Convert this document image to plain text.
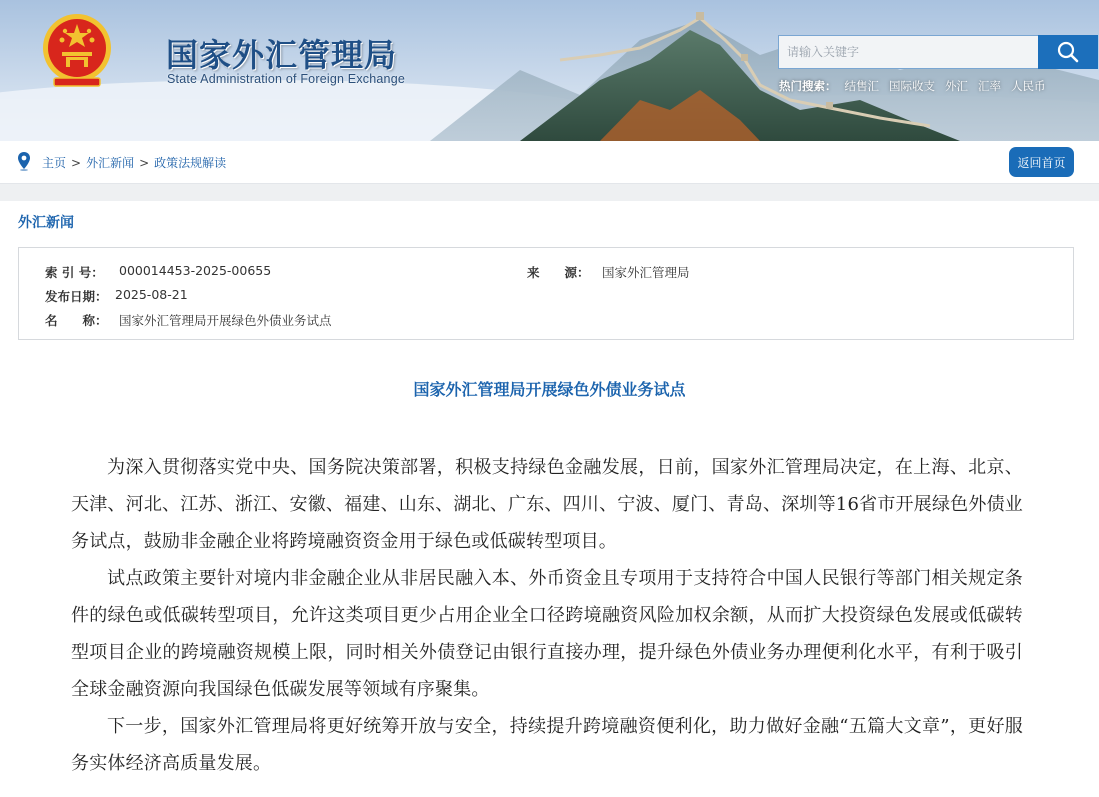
国家外汇管理局
State Administration of Foreign Exchange
请输入关键字	热门搜索： 结售汇 国际收支 外汇 汇率 人民币
主页 > 外汇新闻 > 政策法规解读	返回首页
外汇新闻
索 引 号： 000014453-2025-00655	来　　源： 国家外汇管理局
发布日期： 2025-08-21
名　　称： 国家外汇管理局开展绿色外债业务试点
国家外汇管理局开展绿色外债业务试点

为深入贯彻落实党中央、国务院决策部署，积极支持绿色金融发展，日前，国家外汇管理局决定，在上海、北京、天津、河北、江苏、浙江、安徽、福建、山东、湖北、广东、四川、宁波、厦门、青岛、深圳等16省市开展绿色外债业务试点，鼓励非金融企业将跨境融资资金用于绿色或低碳转型项目。

试点政策主要针对境内非金融企业从非居民融入本、外币资金且专项用于支持符合中国人民银行等部门相关规定条件的绿色或低碳转型项目，允许这类项目更少占用企业全口径跨境融资风险加权余额，从而扩大投资绿色发展或低碳转型项目企业的跨境融资规模上限，同时相关外债登记由银行直接办理，提升绿色外债业务办理便利化水平，有利于吸引全球金融资源向我国绿色低碳发展等领域有序聚集。

下一步，国家外汇管理局将更好统筹开放与安全，持续提升跨境融资便利化，助力做好金融“五篇大文章”，更好服务实体经济高质量发展。
